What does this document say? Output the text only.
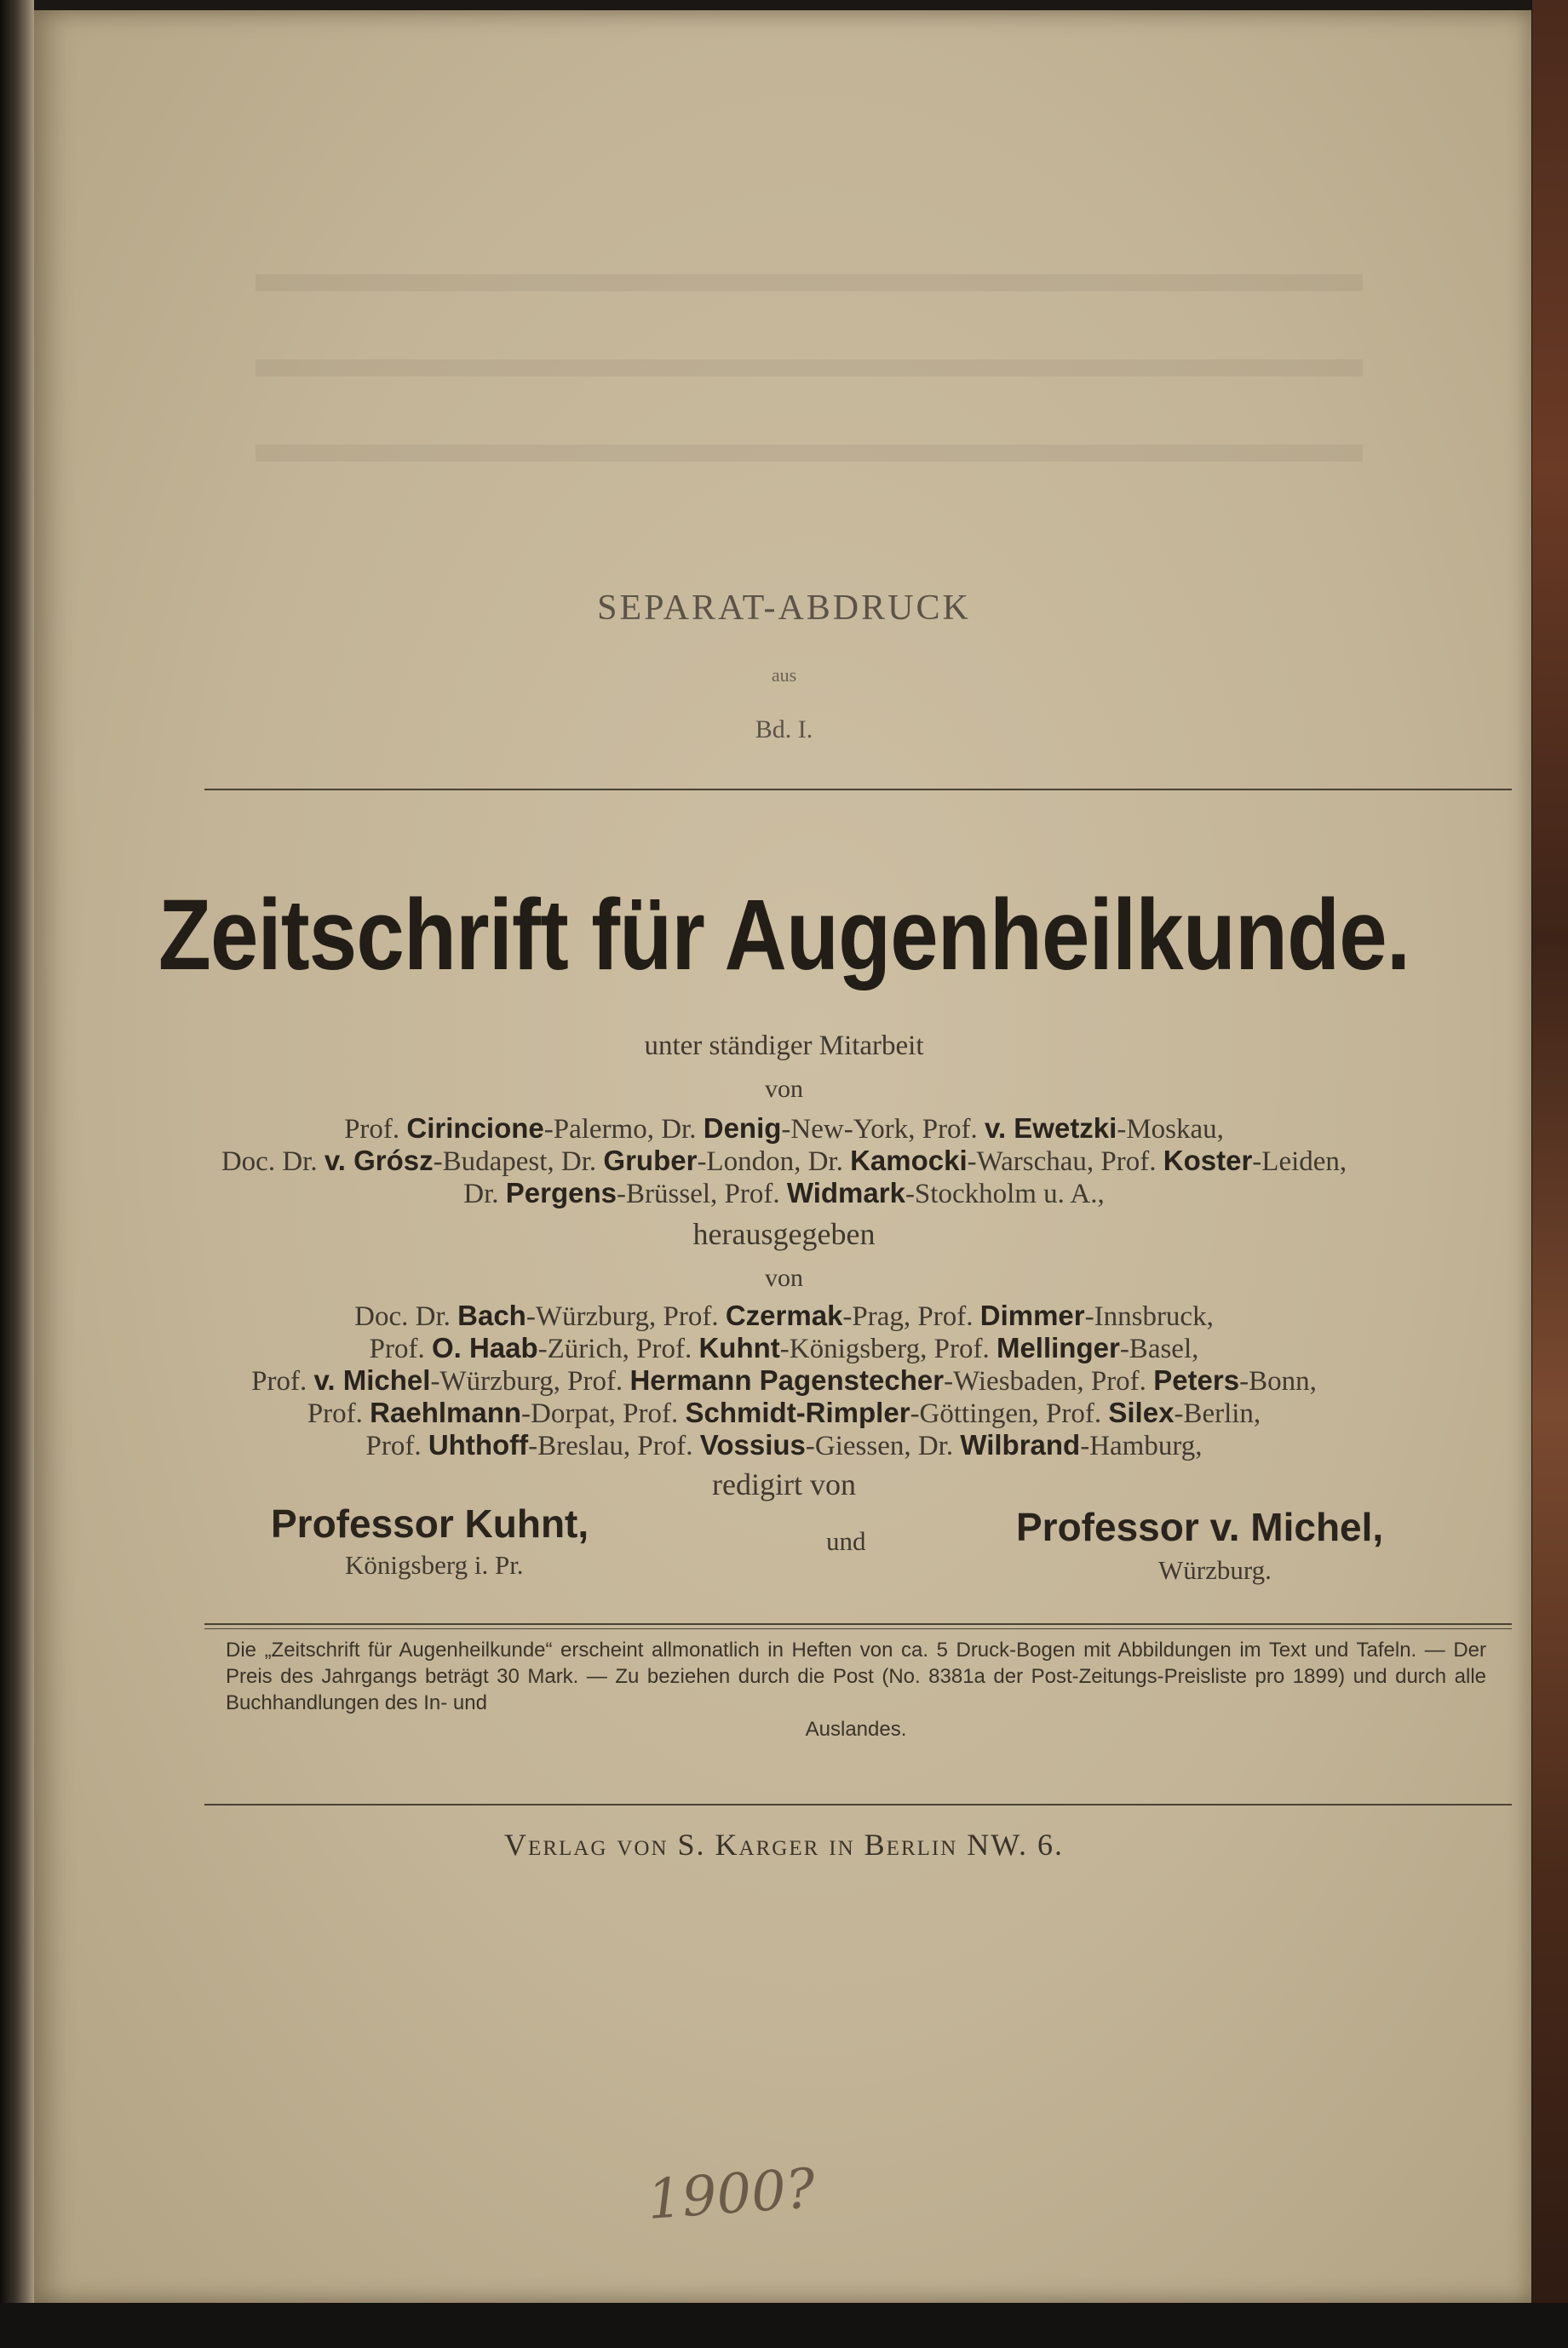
SEPARAT-ABDRUCK
aus
Bd. I.
Zeitschrift für Augenheilkunde.
unter ständiger Mitarbeit
von
Prof. Cirincione-Palermo, Dr. Denig-New-York, Prof. v. Ewetzki-Moskau,
Doc. Dr. v. Grósz-Budapest, Dr. Gruber-London, Dr. Kamocki-Warschau, Prof. Koster-Leiden,
Dr. Pergens-Brüssel, Prof. Widmark-Stockholm u. A.,
herausgegeben
von
Doc. Dr. Bach-Würzburg, Prof. Czermak-Prag, Prof. Dimmer-Innsbruck,
Prof. O. Haab-Zürich, Prof. Kuhnt-Königsberg, Prof. Mellinger-Basel,
Prof. v. Michel-Würzburg, Prof. Hermann Pagenstecher-Wiesbaden, Prof. Peters-Bonn,
Prof. Raehlmann-Dorpat, Prof. Schmidt-Rimpler-Göttingen, Prof. Silex-Berlin,
Prof. Uhthoff-Breslau, Prof. Vossius-Giessen, Dr. Wilbrand-Hamburg,
redigirt von
Professor Kuhnt,
Königsberg i. Pr.
und	Professor v. Michel,
Würzburg.
Die „Zeitschrift für Augenheilkunde“ erscheint allmonatlich in Heften von ca. 5 Druck-Bogen mit Abbildungen im Text und Tafeln. — Der Preis des Jahrgangs beträgt 30 Mark. — Zu beziehen durch die Post (No. 8381a der Post-Zeitungs-Preisliste pro 1899) und durch alle Buchhandlungen des In- und
Auslandes.
Verlag von S. Karger in Berlin NW. 6.
1900?
